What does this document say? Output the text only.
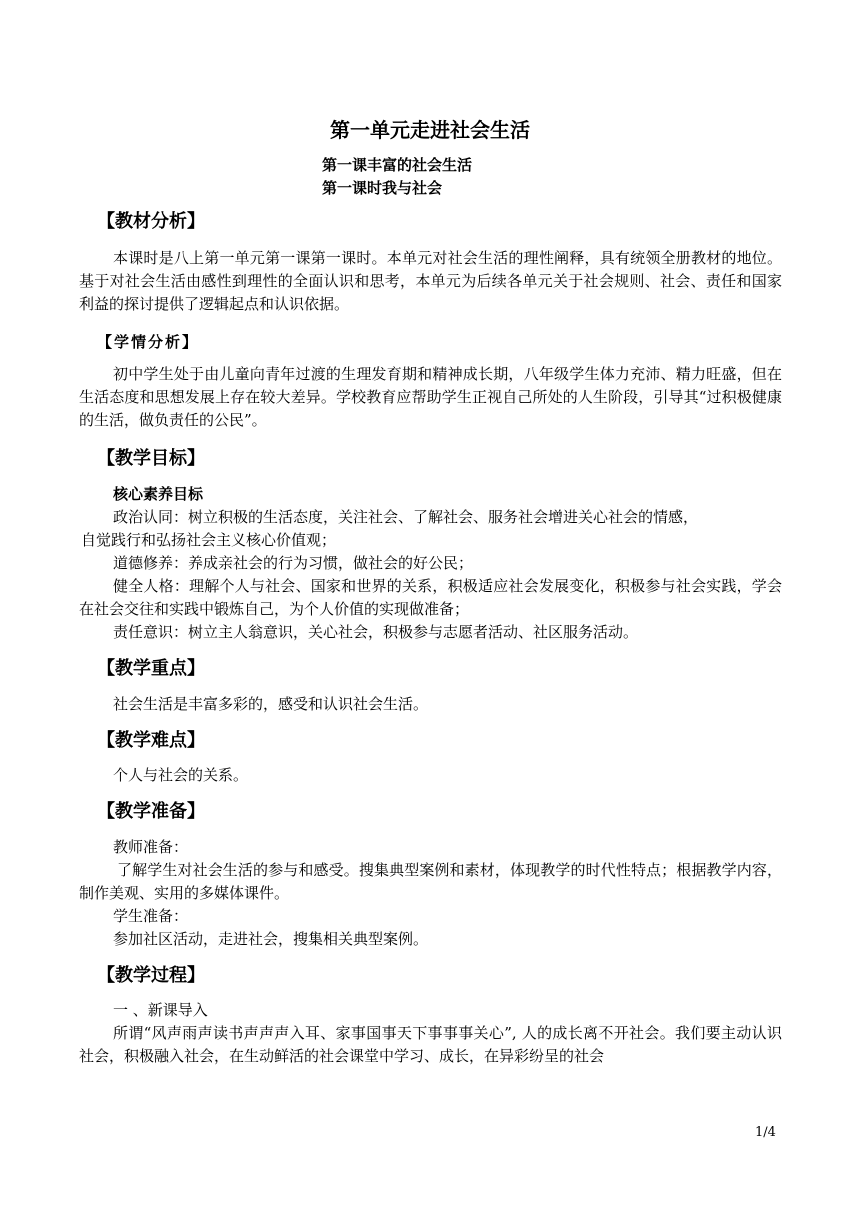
第一单元走进社会生活
第一课丰富的社会生活
第一课时我与社会
【教材分析】
本课时是八上第一单元第一课第一课时。本单元对社会生活的理性阐释，具有统领全册教材的地位。基于对社会生活由感性到理性的全面认识和思考，本单元为后续各单元关于社会规则、社会、责任和国家利益的探讨提供了逻辑起点和认识依据。
【学情分析】
初中学生处于由儿童向青年过渡的生理发育期和精神成长期，八年级学生体力充沛、精力旺盛，但在生活态度和思想发展上存在较大差异。学校教育应帮助学生正视自己所处的人生阶段，引导其“过积极健康的生活，做负责任的公民”。
【教学目标】
核心素养目标
政治认同：树立积极的生活态度，关注社会、了解社会、服务社会增进关心社会的情感，
自觉践行和弘扬社会主义核心价值观；
道德修养：养成亲社会的行为习惯，做社会的好公民；
健全人格：理解个人与社会、国家和世界的关系，积极适应社会发展变化，积极参与社会实践，学会在社会交往和实践中锻炼自己，为个人价值的实现做准备；
责任意识：树立主人翁意识，关心社会，积极参与志愿者活动、社区服务活动。
【教学重点】
社会生活是丰富多彩的，感受和认识社会生活。
【教学难点】
个人与社会的关系。
【教学准备】
教师准备：
了解学生对社会生活的参与和感受。搜集典型案例和素材，体现教学的时代性特点；根据教学内容，制作美观、实用的多媒体课件。
学生准备：
参加社区活动，走进社会，搜集相关典型案例。
【教学过程】
一 、新课导入
所谓“风声雨声读书声声声入耳、家事国事天下事事事关心”, 人的成长离不开社会。我们要主动认识社会，积极融入社会，在生动鲜活的社会课堂中学习、成长，在异彩纷呈的社会
1/4
